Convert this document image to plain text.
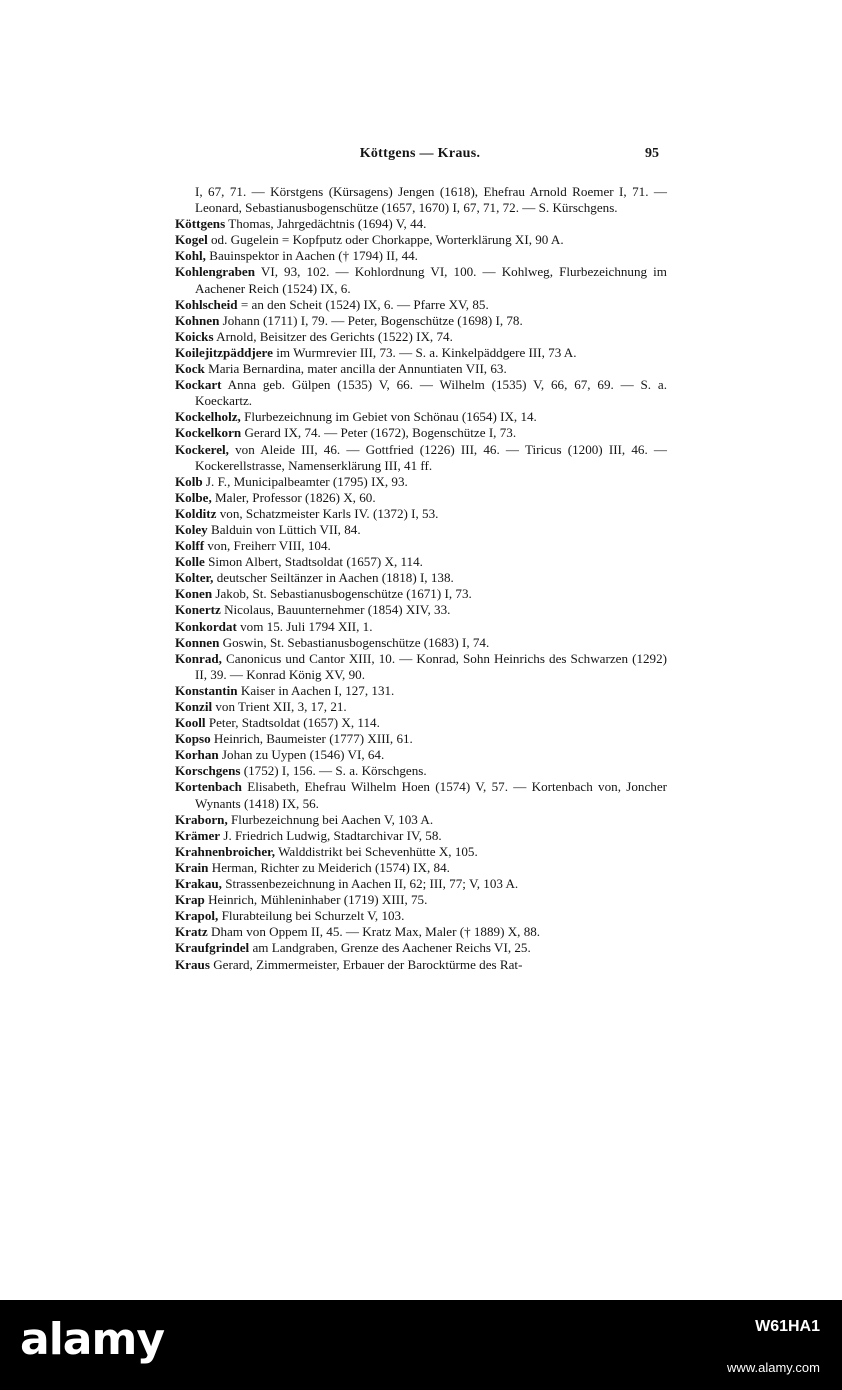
Köttgens — Kraus.	95
I, 67, 71. — Körstgens (Kürsagens) Jengen (1618), Ehefrau Arnold Roemer I, 71. — Leonard, Sebastianusbogenschütze (1657, 1670) I, 67, 71, 72. — S. Kürschgens.
Köttgens Thomas, Jahrgedächtnis (1694) V, 44.
Kogel od. Gugelein = Kopfputz oder Chorkappe, Worterklärung XI, 90 A.
Kohl, Bauinspektor in Aachen († 1794) II, 44.
Kohlengraben VI, 93, 102. — Kohlordnung VI, 100. — Kohlweg, Flurbezeichnung im Aachener Reich (1524) IX, 6.
Kohlscheid = an den Scheit (1524) IX, 6. — Pfarre XV, 85.
Kohnen Johann (1711) I, 79. — Peter, Bogenschütze (1698) I, 78.
Koicks Arnold, Beisitzer des Gerichts (1522) IX, 74.
Koilejitzpäddjere im Wurmrevier III, 73. — S. a. Kinkelpäddgere III, 73 A.
Kock Maria Bernardina, mater ancilla der Annuntiaten VII, 63.
Kockart Anna geb. Gülpen (1535) V, 66. — Wilhelm (1535) V, 66, 67, 69. — S. a. Koeckartz.
Kockelholz, Flurbezeichnung im Gebiet von Schönau (1654) IX, 14.
Kockelkorn Gerard IX, 74. — Peter (1672), Bogenschütze I, 73.
Kockerel, von Aleide III, 46. — Gottfried (1226) III, 46. — Tiricus (1200) III, 46. — Kockerellstrasse, Namenserklärung III, 41 ff.
Kolb J. F., Municipalbeamter (1795) IX, 93.
Kolbe, Maler, Professor (1826) X, 60.
Kolditz von, Schatzmeister Karls IV. (1372) I, 53.
Koley Balduin von Lüttich VII, 84.
Kolff von, Freiherr VIII, 104.
Kolle Simon Albert, Stadtsoldat (1657) X, 114.
Kolter, deutscher Seiltänzer in Aachen (1818) I, 138.
Konen Jakob, St. Sebastianusbogenschütze (1671) I, 73.
Konertz Nicolaus, Bauunternehmer (1854) XIV, 33.
Konkordat vom 15. Juli 1794 XII, 1.
Konnen Goswin, St. Sebastianusbogenschütze (1683) I, 74.
Konrad, Canonicus und Cantor XIII, 10. — Konrad, Sohn Heinrichs des Schwarzen (1292) II, 39. — Konrad König XV, 90.
Konstantin Kaiser in Aachen I, 127, 131.
Konzil von Trient XII, 3, 17, 21.
Kooll Peter, Stadtsoldat (1657) X, 114.
Kopso Heinrich, Baumeister (1777) XIII, 61.
Korhan Johan zu Uypen (1546) VI, 64.
Korschgens (1752) I, 156. — S. a. Körschgens.
Kortenbach Elisabeth, Ehefrau Wilhelm Hoen (1574) V, 57. — Kortenbach von, Joncher Wynants (1418) IX, 56.
Kraborn, Flurbezeichnung bei Aachen V, 103 A.
Krämer J. Friedrich Ludwig, Stadtarchivar IV, 58.
Krahnenbroicher, Walddistrikt bei Schevenhütte X, 105.
Krain Herman, Richter zu Meiderich (1574) IX, 84.
Krakau, Strassenbezeichnung in Aachen II, 62; III, 77; V, 103 A.
Krap Heinrich, Mühleninhaber (1719) XIII, 75.
Krapol, Flurabteilung bei Schurzelt V, 103.
Kratz Dham von Oppem II, 45. — Kratz Max, Maler († 1889) X, 88.
Kraufgrindel am Landgraben, Grenze des Aachener Reichs VI, 25.
Kraus Gerard, Zimmermeister, Erbauer der Barocktürme des Rat-
alamy	W61HA1
www.alamy.com
